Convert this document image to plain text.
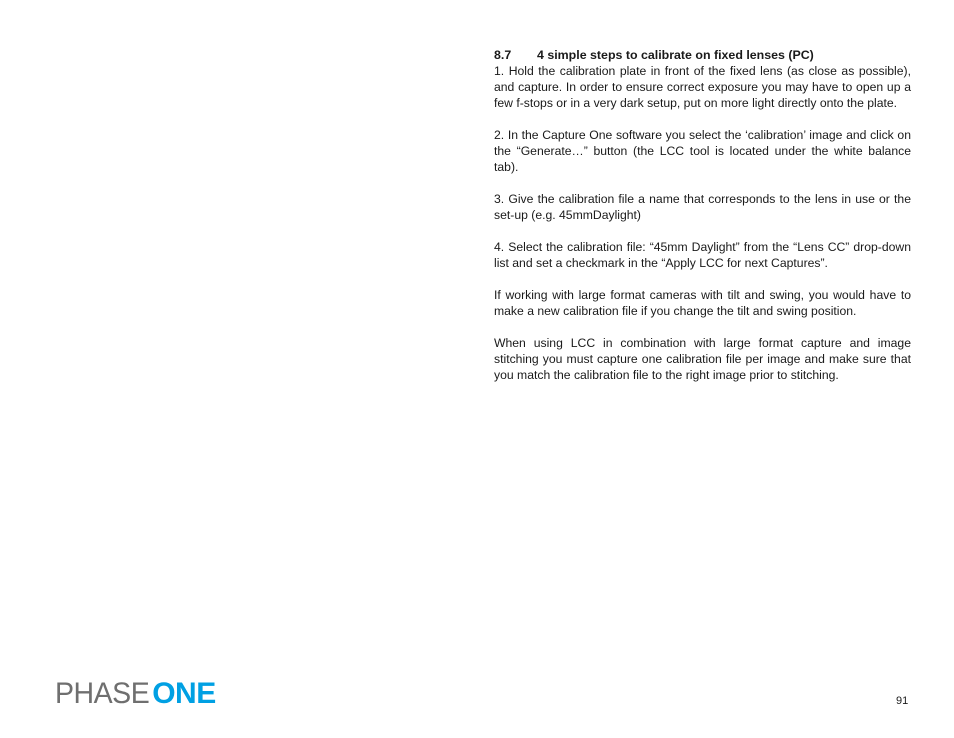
8.7 4 simple steps to calibrate on fixed lenses (PC)

1. Hold the calibration plate in front of the fixed lens (as close as possible), and capture. In order to ensure correct exposure you may have to open up a few f-stops or in a very dark setup, put on more light directly onto the plate.

2. In the Capture One software you select the ‘calibration’ image and click on the “Generate…” button (the LCC tool is located under the white balance tab).

3. Give the calibration file a name that corresponds to the lens in use or the set-up (e.g. 45mmDaylight)

4. Select the calibration file: “45mm Daylight” from the “Lens CC” drop-down list and set a checkmark in the “Apply LCC for next Captures”.

If working with large format cameras with tilt and swing, you would have to make a new calibration file if you change the tilt and swing position.

When using LCC in combination with large format capture and image stitching you must capture one calibration file per image and make sure that you match the calibration file to the right image prior to stitching.

PHASE ONE	91
